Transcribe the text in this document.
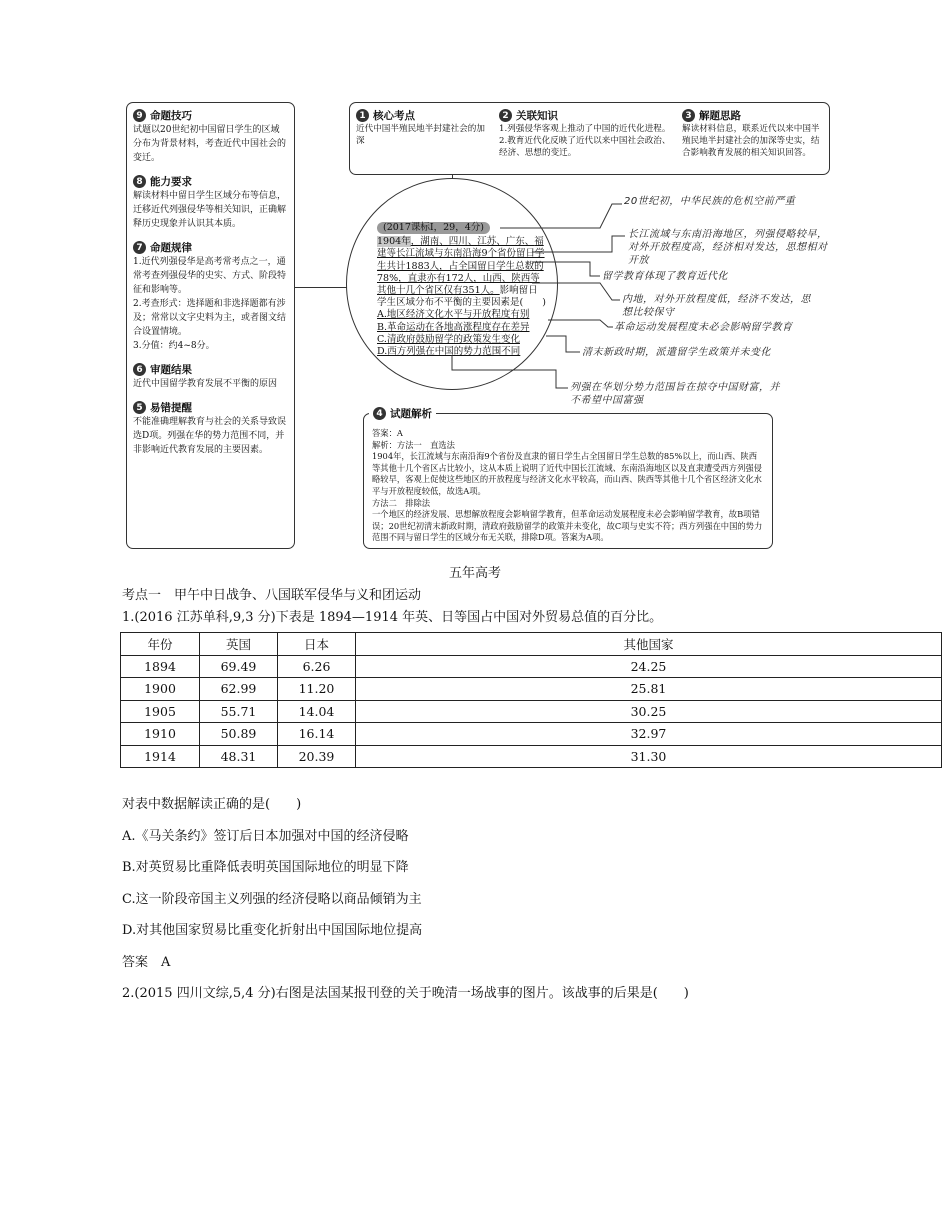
9 命题技巧
试题以20世纪初中国留日学生的区域分布为背景材料，考查近代中国社会的变迁。
8 能力要求
解读材料中留日学生区域分布等信息，迁移近代列强侵华等相关知识，正确解释历史现象并认识其本质。
7 命题规律
1.近代列强侵华是高考常考点之一，通常考查列强侵华的史实、方式、阶段特征和影响等。
2.考查形式：选择题和非选择题都有涉及；常常以文字史料为主，或者图文结合设置情境。
3.分值：约4~8分。
6 审题结果
近代中国留学教育发展不平衡的原因
5 易错提醒
不能准确理解教育与社会的关系导致误选D项。列强在华的势力范围不同，并非影响近代教育发展的主要因素。
1 核心考点
近代中国半殖民地半封建社会的加深
2 关联知识
1.列强侵华客观上推动了中国的近代化进程。
2.教育近代化反映了近代以来中国社会政治、经济、思想的变迁。
3 解题思路
解读材料信息，联系近代以来中国半殖民地半封建社会的加深等史实，结合影响教育发展的相关知识回答。
(2017课标Ⅰ，29，4分)
1904年，湖南、四川、江苏、广东、福建等长江流域与东南沿海9个省份留日学生共计1883人，占全国留日学生总数的78%，直隶亦有172人，山西、陕西等其他十几个省区仅有351人。影响留日学生区域分布不平衡的主要因素是(　　)
A.地区经济文化水平与开放程度有别
B.革命运动在各地高涨程度存在差异
C.清政府鼓励留学的政策发生变化
D.西方列强在中国的势力范围不同
20世纪初，中华民族的危机空前严重
长江流域与东南沿海地区，列强侵略较早，对外开放程度高，经济相对发达，思想相对开放
留学教育体现了教育近代化
内地，对外开放程度低，经济不发达，思想比较保守
革命运动发展程度未必会影响留学教育
清末新政时期，派遣留学生政策并未变化
列强在华划分势力范围旨在掠夺中国财富，并不希望中国富强
答案：A
解析：方法一　直选法
1904年，长江流域与东南沿海9个省份及直隶的留日学生占全国留日学生总数的85%以上，而山西、陕西等其他十几个省区占比较小，这从本质上说明了近代中国长江流域、东南沿海地区以及直隶遭受西方列强侵略较早，客观上促使这些地区的开放程度与经济文化水平较高，而山西、陕西等其他十几个省区经济文化水平与开放程度较低，故选A项。
方法二　排除法
一个地区的经济发展、思想解放程度会影响留学教育，但革命运动发展程度未必会影响留学教育，故B项错误；20世纪初清末新政时期，清政府鼓励留学的政策并未变化，故C项与史实不符；西方列强在中国的势力范围不同与留日学生的区域分布无关联，排除D项。答案为A项。
4 试题解析
五年高考
考点一　甲午中日战争、八国联军侵华与义和团运动
1.(2016 江苏单科,9,3 分)下表是 1894—1914 年英、日等国占中国对外贸易总值的百分比。
年份	英国	日本	其他国家
1894	69.49	6.26	24.25
1900	62.99	11.20	25.81
1905	55.71	14.04	30.25
1910	50.89	16.14	32.97
1914	48.31	20.39	31.30
对表中数据解读正确的是(　　)
A.《马关条约》签订后日本加强对中国的经济侵略
B.对英贸易比重降低表明英国国际地位的明显下降
C.这一阶段帝国主义列强的经济侵略以商品倾销为主
D.对其他国家贸易比重变化折射出中国国际地位提高
答案　A
2.(2015 四川文综,5,4 分)右图是法国某报刊登的关于晚清一场战事的图片。该战事的后果是(　　)
